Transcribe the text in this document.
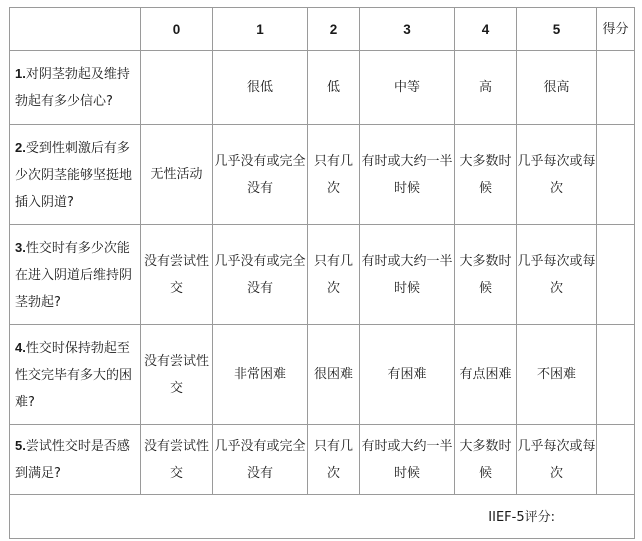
	0	1	2	3	4	5	得分
1.对阴茎勃起及维持勃起有多少信心?		很低	低	中等	高	很高	
2.受到性刺激后有多少次阴茎能够坚挺地插入阴道?	无性活动	几乎没有或完全没有	只有几次	有时或大约一半时候	大多数时候	几乎每次或每次	
3.性交时有多少次能在进入阴道后维持阴茎勃起?	没有尝试性交	几乎没有或完全没有	只有几次	有时或大约一半时候	大多数时候	几乎每次或每次	
4.性交时保持勃起至性交完毕有多大的困难?	没有尝试性交	非常困难	很困难	有困难	有点困难	不困难	
5.尝试性交时是否感到满足?	没有尝试性交	几乎没有或完全没有	只有几次	有时或大约一半时候	大多数时候	几乎每次或每次	
IIEF-5评分:							
